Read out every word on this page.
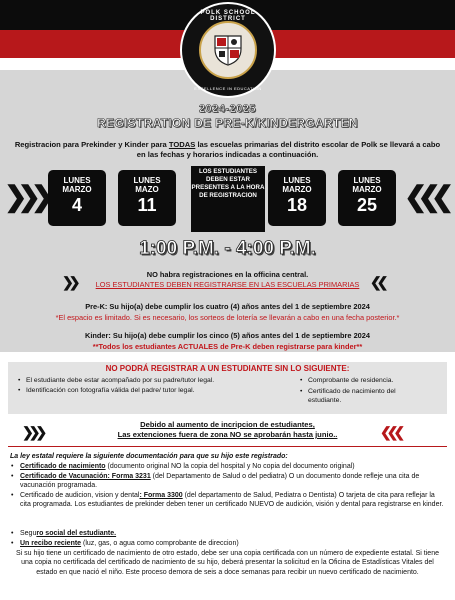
POLK SCHOOL DISTRICT
EXCELLENCE IN EDUCATION
2024-2025
REGISTRATION DE PRE-K/KINDERGARTEN
Registracion para Prekinder y Kinder para TODAS las escuelas primarias del distrito escolar de Polk se llevará a cabo en las fechas y horarios indicadas a continuación.
❯❯❯
LUNES
MARZO
4
LUNES
MAZO
11
LOS ESTUDIANTES DEBEN ESTAR PRESENTES A LA HORA DE REGISTRACION
LUNES
MARZO
18
LUNES
MARZO
25 ❮❮❮
1:00 P.M. - 4:00 P.M.
❯❯	❮❮
NO habra registraciones en la officina central.
LOS ESTUDIANTES DEBEN REGISTRARSE EN LAS ESCUELAS PRIMARIAS
Pre-K: Su hijo(a) debe cumplir los cuatro (4) años antes del 1 de septiembre 2024
*El espacio es limitado. Si es necesario, los sorteos de lotería se llevarán a cabo en una fecha posterior.*
Kinder: Su hijo(a) debe cumplir los cinco (5) años antes del 1 de septiembre 2024
**Todos los estudiantes ACTUALES de Pre-K deben registrarse para kinder**
NO PODRÁ REGISTRAR A UN ESTUDIANTE SIN LO SIGUIENTE:
• El estudiante debe estar acompañado por su padre/tutor legal.
• Identificación con fotografía válida del padre/ tutor legal.
• Comprobante de residencia.
• Certificado de nacimiento del estudiante.
❯❯❯	Debido al aumento de incripcion de estudiantes,
Las extenciones fuera de zona NO se aprobarán hasta junio..	❮❮❮
La ley estatal requiere la siguiente documentación para que su hijo este registrado:
• Certificado de nacimiento (documento original NO la copia del hospital y No copia del documento original)
• Certificado de Vacunación: Forma 3231 (del Departamento de Salud o del pediatra) O un documento donde refleje una cita de vacunación programada.
• Certificado de audicion, vision y dental: Forma 3300 (del departamento de Salud, Pediatra o Dentista) O tarjeta de cita para reflejar la cita programada. Los estudiantes de prekinder deben tener un certificado NUEVO de audición, visión y dental para registrarse en kinder.
• Seguro social del estudiante.
• Un recibo reciente (luz, gas, o agua como comprobante de direccion)
Si su hijo tiene un certificado de nacimiento de otro estado, debe ser una copia certificada con un número de expediente estatal. Si tiene una copia no certificada del certificado de nacimiento de su hijo, deberá presentar la solicitud en la Oficina de Estadísticas Vitales del estado en que nació el niño. Este proceso demora de seis a doce semanas para recibir un nuevo certificado de nacimiento.
